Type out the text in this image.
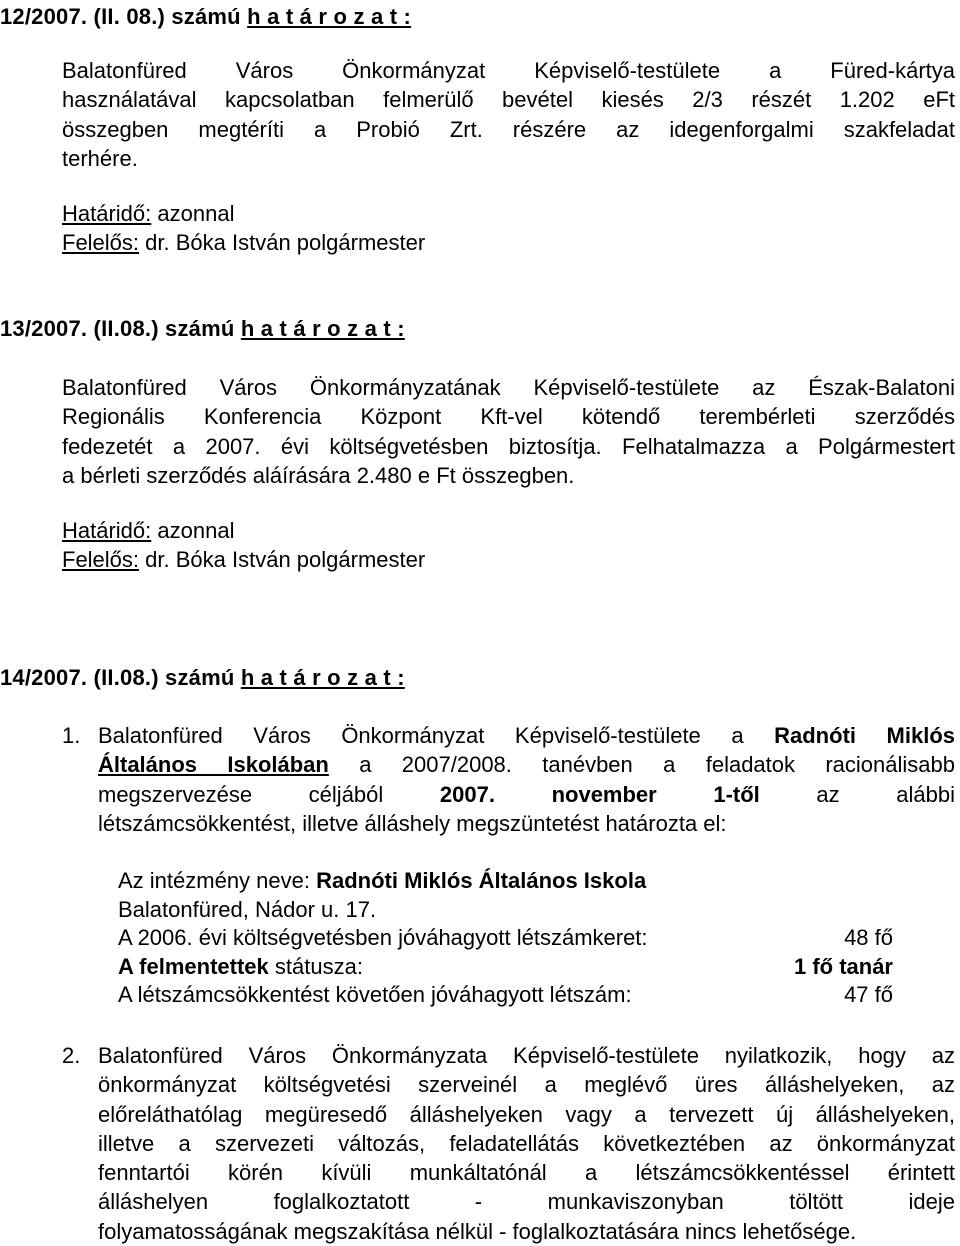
12/2007. (II. 08.) számú h a t á r o z a t :
Balatonfüred Város Önkormányzat Képviselő-testülete a Füred-kártya
használatával kapcsolatban felmerülő bevétel kiesés 2/3 részét 1.202 eFt
összegben megtéríti a Probió Zrt. részére az idegenforgalmi szakfeladat
terhére.
Határidő: azonnal
Felelős: dr. Bóka István polgármester
13/2007. (II.08.) számú h a t á r o z a t :
Balatonfüred Város Önkormányzatának Képviselő-testülete az Észak-Balatoni
Regionális Konferencia Központ Kft-vel kötendő terembérleti szerződés
fedezetét a 2007. évi költségvetésben biztosítja. Felhatalmazza a Polgármestert
a bérleti szerződés aláírására 2.480 e Ft összegben.
Határidő: azonnal
Felelős: dr. Bóka István polgármester
14/2007. (II.08.) számú h a t á r o z a t :
1. Balatonfüred Város Önkormányzat Képviselő-testülete a Radnóti Miklós
Általános Iskolában a 2007/2008. tanévben a feladatok racionálisabb
megszervezése céljából 2007. november 1-től az alábbi
létszámcsökkentést, illetve álláshely megszüntetést határozta el:
Az intézmény neve: Radnóti Miklós Általános Iskola
Balatonfüred, Nádor u. 17.
A 2006. évi költségvetésben jóváhagyott létszámkeret:	48 fő
A felmentettek státusza:	1 fő tanár
A létszámcsökkentést követően jóváhagyott létszám:	47 fő
2. Balatonfüred Város Önkormányzata Képviselő-testülete nyilatkozik, hogy az
önkormányzat költségvetési szerveinél a meglévő üres álláshelyeken, az
előreláthatólag megüresedő álláshelyeken vagy a tervezett új álláshelyeken,
illetve a szervezeti változás, feladatellátás következtében az önkormányzat
fenntartói körén kívüli munkáltatónál a létszámcsökkentéssel érintett
álláshelyen foglalkoztatott - munkaviszonyban töltött ideje
folyamatosságának megszakítása nélkül - foglalkoztatására nincs lehetősége.
